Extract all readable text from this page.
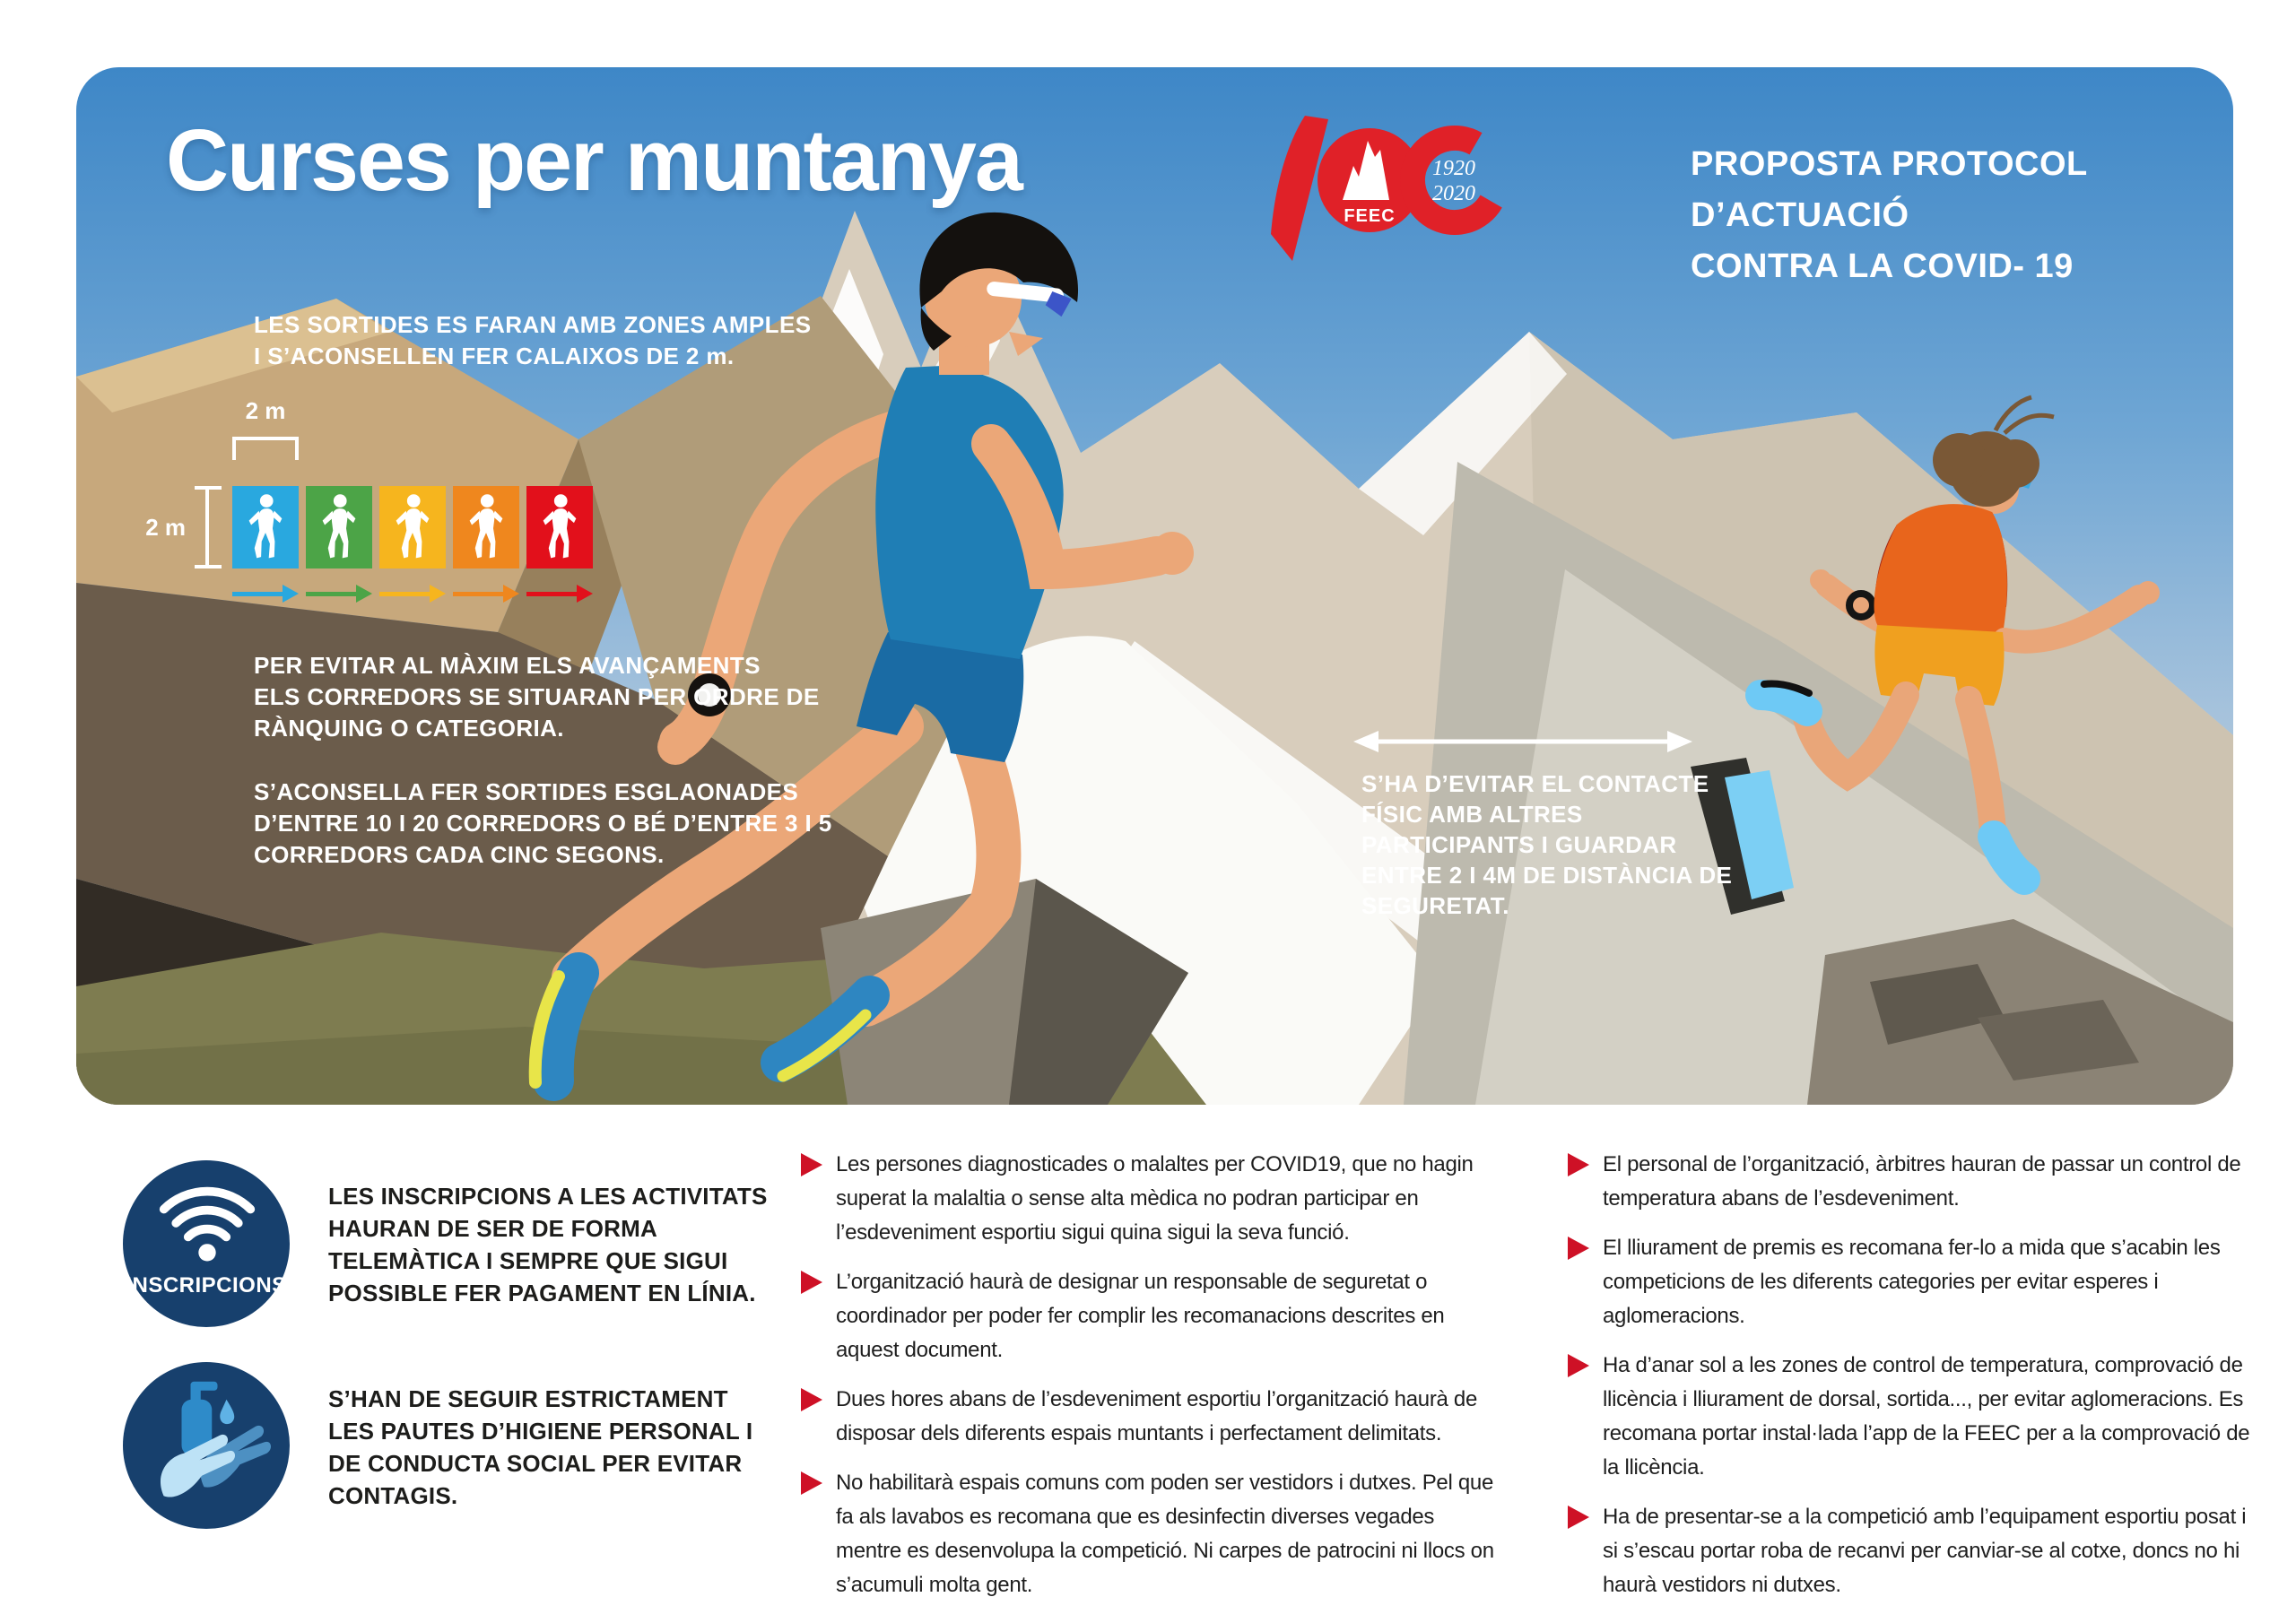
Curses per muntanya
FEEC
1920
2020
PROPOSTA PROTOCOL D’ACTUACIÓ
CONTRA LA COVID- 19
LES SORTIDES ES FARAN AMB ZONES AMPLES
I S’ACONSELLEN FER CALAIXOS DE 2 m.
2 m
2 m
PER EVITAR AL MÀXIM ELS AVANÇAMENTS
ELS CORREDORS SE SITUARAN PER ORDRE DE
RÀNQUING O CATEGORIA.
S’ACONSELLA FER SORTIDES ESGLAONADES
D’ENTRE 10 I 20 CORREDORS O BÉ D’ENTRE 3 I 5
CORREDORS CADA CINC SEGONS.
S’HA D’EVITAR EL CONTACTE
FÍSIC AMB ALTRES
PARTICIPANTS I GUARDAR
ENTRE 2 I 4M DE DISTÀNCIA DE
SEGURETAT.
INSCRIPCIONS
LES INSCRIPCIONS A LES ACTIVITATS
HAURAN DE SER DE FORMA
TELEMÀTICA I SEMPRE QUE SIGUI
POSSIBLE FER PAGAMENT EN LÍNIA.
S’HAN DE SEGUIR ESTRICTAMENT
LES PAUTES D’HIGIENE PERSONAL I
DE CONDUCTA SOCIAL PER EVITAR
CONTAGIS.

Les persones diagnosticades o malaltes per COVID19, que no hagin superat la malaltia o sense alta mèdica no podran participar en l’esdeveniment esportiu sigui quina sigui la seva funció.

L’organització haurà de designar un responsable de seguretat o coordinador per poder fer complir les recomanacions descrites en aquest document.

Dues hores abans de l’esdeveniment esportiu l’organització haurà de disposar dels diferents espais muntants i perfectament delimitats.

No habilitarà espais comuns com poden ser vestidors i dutxes. Pel que fa als lavabos es recomana que es desinfectin diverses vegades mentre es desenvolupa la competició. Ni carpes de patrocini ni llocs on s’acumuli molta gent.

El personal de l’organització, àrbitres hauran de passar un control de temperatura abans de l’esdeveniment.

El lliurament de premis es recomana fer-lo a mida que s’acabin les competicions de les diferents categories per evitar esperes i aglomeracions.

Ha d’anar sol a les zones de control de temperatura, comprovació de llicència i lliurament de dorsal, sortida..., per evitar aglomeracions. Es recomana portar instal·lada l’app de la FEEC per a la comprovació de la llicència.

Ha de presentar-se a la competició amb l’equipament esportiu posat i si s’escau portar roba de recanvi per canviar-se al cotxe, doncs no hi haurà vestidors ni dutxes.
